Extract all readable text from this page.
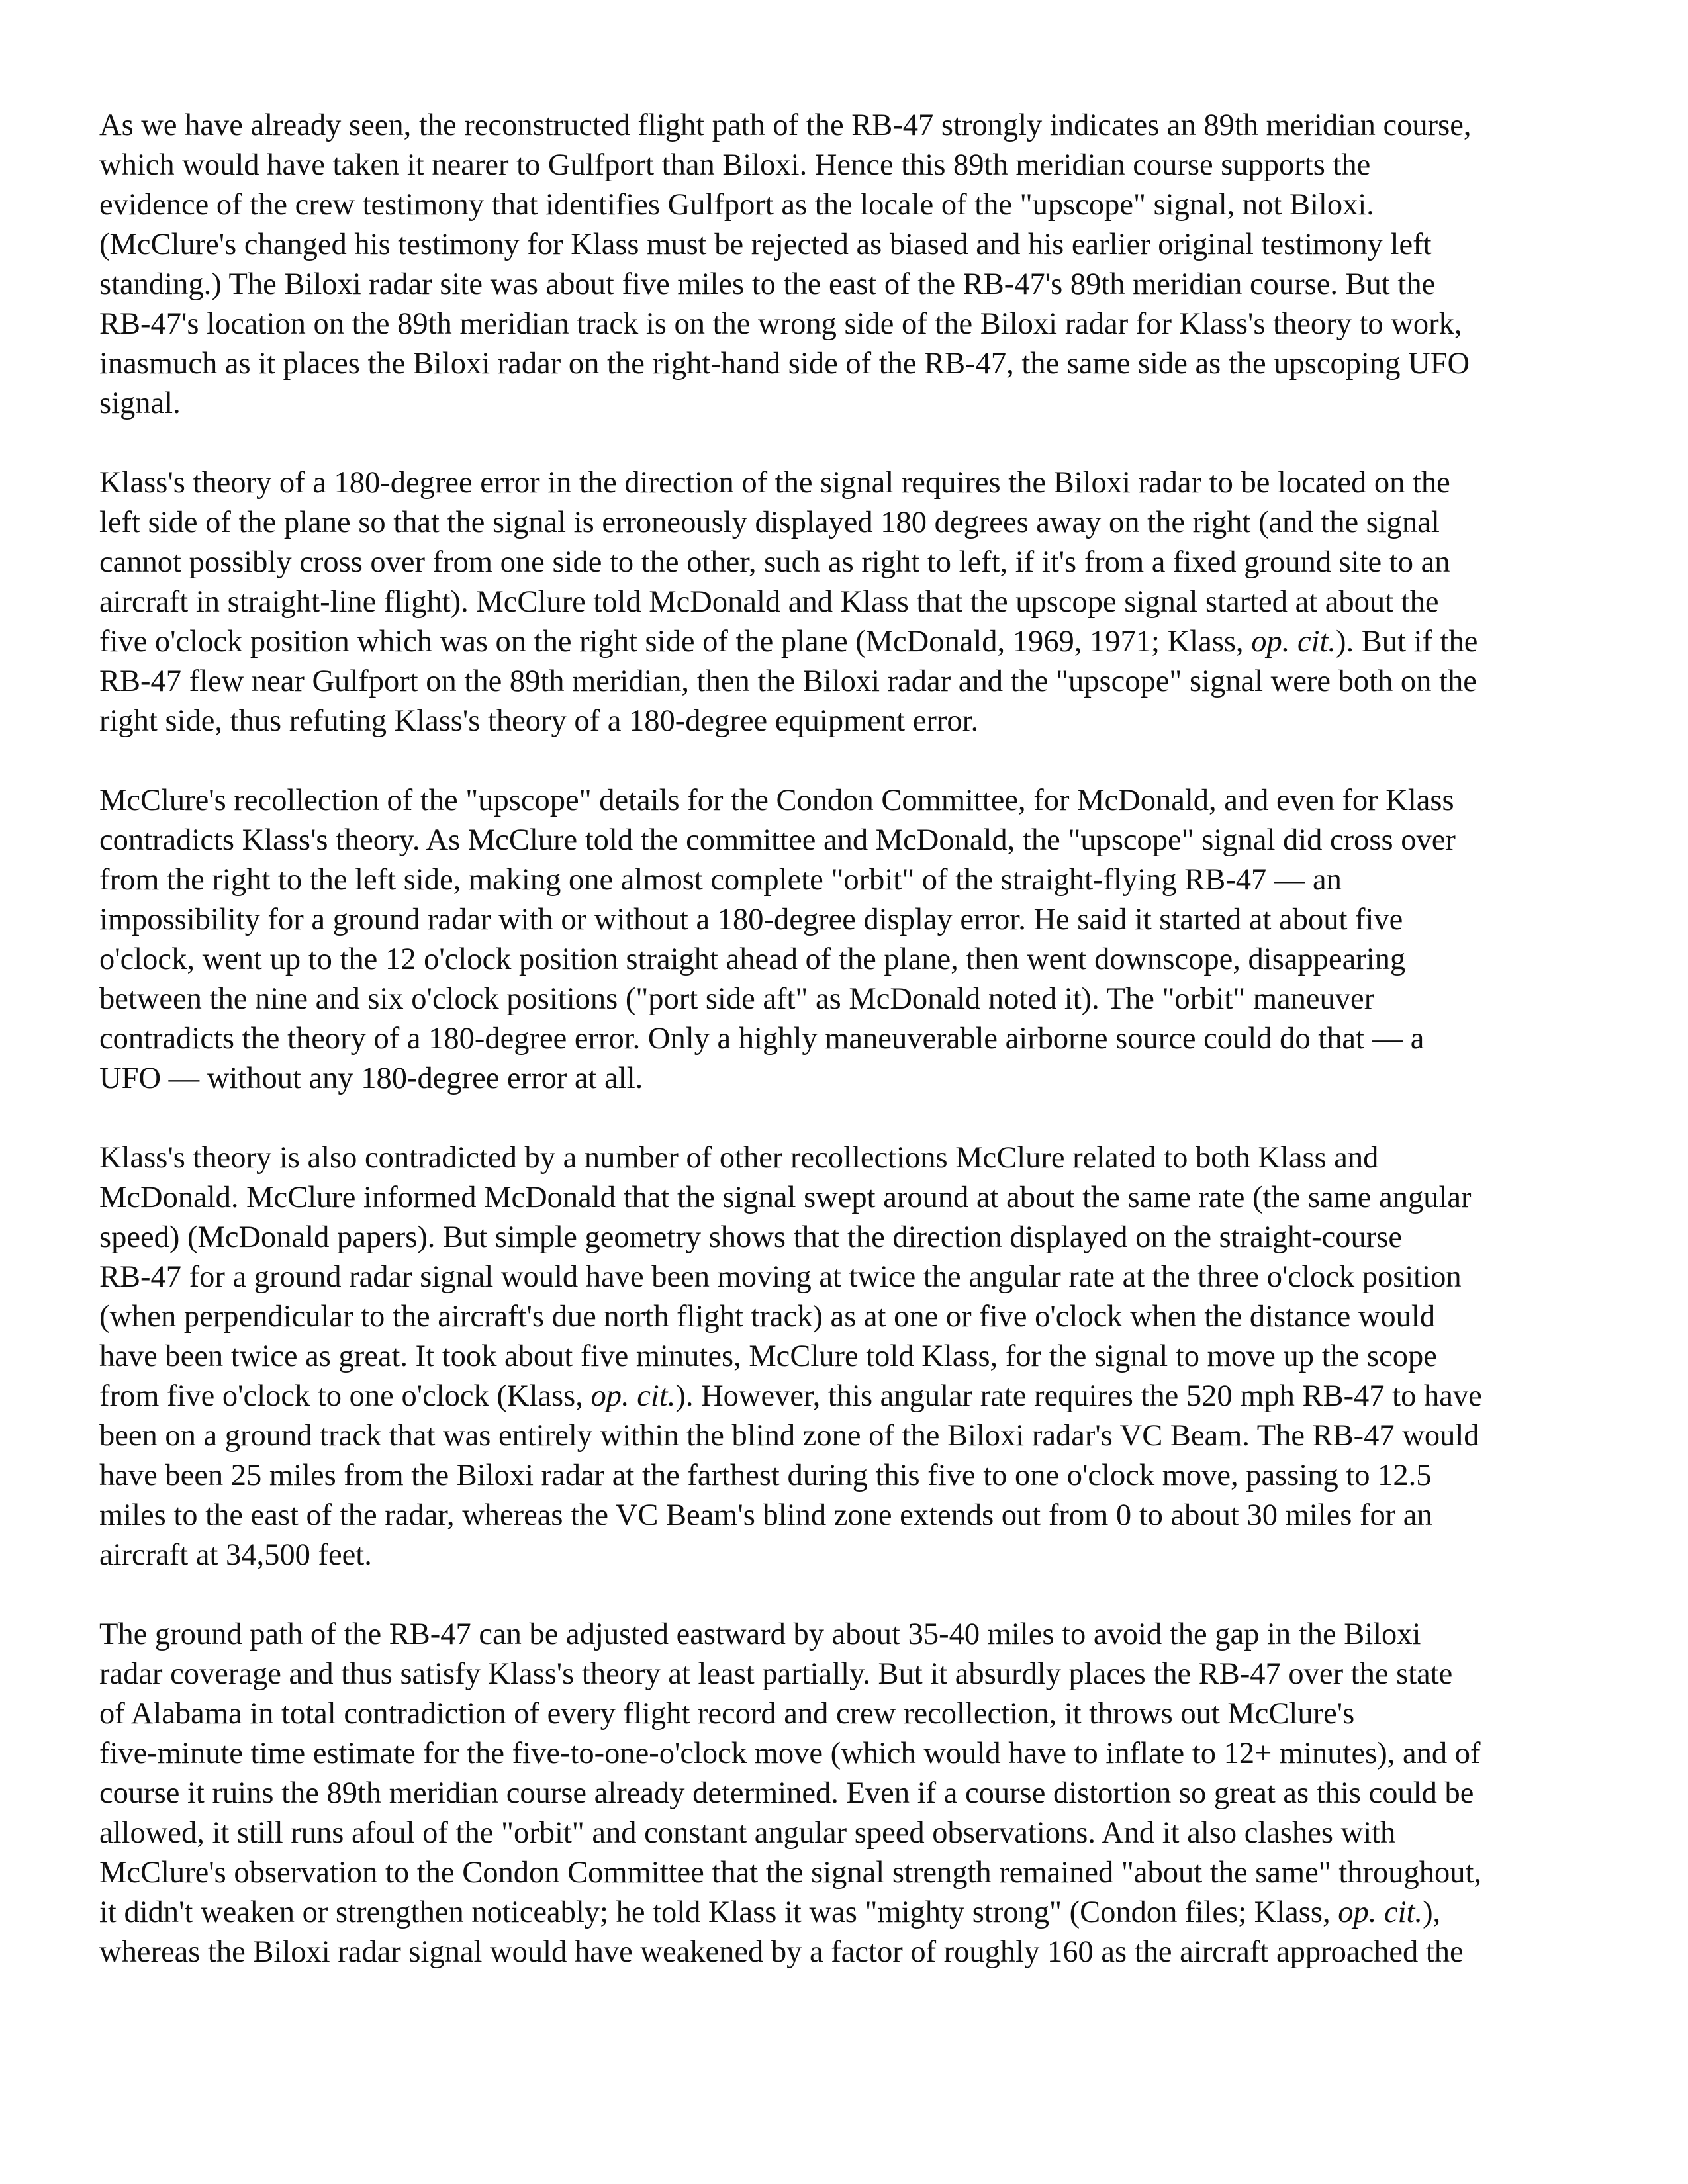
As we have already seen, the reconstructed flight path of the RB-47 strongly indicates an 89th meridian course,
which would have taken it nearer to Gulfport than Biloxi. Hence this 89th meridian course supports the
evidence of the crew testimony that identifies Gulfport as the locale of the "upscope" signal, not Biloxi.
(McClure's changed his testimony for Klass must be rejected as biased and his earlier original testimony left
standing.) The Biloxi radar site was about five miles to the east of the RB-47's 89th meridian course. But the
RB-47's location on the 89th meridian track is on the wrong side of the Biloxi radar for Klass's theory to work,
inasmuch as it places the Biloxi radar on the right-hand side of the RB-47, the same side as the upscoping UFO
signal.

Klass's theory of a 180-degree error in the direction of the signal requires the Biloxi radar to be located on the
left side of the plane so that the signal is erroneously displayed 180 degrees away on the right (and the signal
cannot possibly cross over from one side to the other, such as right to left, if it's from a fixed ground site to an
aircraft in straight-line flight). McClure told McDonald and Klass that the upscope signal started at about the
five o'clock position which was on the right side of the plane (McDonald, 1969, 1971; Klass, op. cit.). But if the
RB-47 flew near Gulfport on the 89th meridian, then the Biloxi radar and the "upscope" signal were both on the
right side, thus refuting Klass's theory of a 180-degree equipment error.

McClure's recollection of the "upscope" details for the Condon Committee, for McDonald, and even for Klass
contradicts Klass's theory. As McClure told the committee and McDonald, the "upscope" signal did cross over
from the right to the left side, making one almost complete "orbit" of the straight-flying RB-47 — an
impossibility for a ground radar with or without a 180-degree display error. He said it started at about five
o'clock, went up to the 12 o'clock position straight ahead of the plane, then went downscope, disappearing
between the nine and six o'clock positions ("port side aft" as McDonald noted it). The "orbit" maneuver
contradicts the theory of a 180-degree error. Only a highly maneuverable airborne source could do that — a
UFO — without any 180-degree error at all.

Klass's theory is also contradicted by a number of other recollections McClure related to both Klass and
McDonald. McClure informed McDonald that the signal swept around at about the same rate (the same angular
speed) (McDonald papers). But simple geometry shows that the direction displayed on the straight-course
RB-47 for a ground radar signal would have been moving at twice the angular rate at the three o'clock position
(when perpendicular to the aircraft's due north flight track) as at one or five o'clock when the distance would
have been twice as great. It took about five minutes, McClure told Klass, for the signal to move up the scope
from five o'clock to one o'clock (Klass, op. cit.). However, this angular rate requires the 520 mph RB-47 to have
been on a ground track that was entirely within the blind zone of the Biloxi radar's VC Beam. The RB-47 would
have been 25 miles from the Biloxi radar at the farthest during this five to one o'clock move, passing to 12.5
miles to the east of the radar, whereas the VC Beam's blind zone extends out from 0 to about 30 miles for an
aircraft at 34,500 feet.

The ground path of the RB-47 can be adjusted eastward by about 35-40 miles to avoid the gap in the Biloxi
radar coverage and thus satisfy Klass's theory at least partially. But it absurdly places the RB-47 over the state
of Alabama in total contradiction of every flight record and crew recollection, it throws out McClure's
five-minute time estimate for the five-to-one-o'clock move (which would have to inflate to 12+ minutes), and of
course it ruins the 89th meridian course already determined. Even if a course distortion so great as this could be
allowed, it still runs afoul of the "orbit" and constant angular speed observations. And it also clashes with
McClure's observation to the Condon Committee that the signal strength remained "about the same" throughout,
it didn't weaken or strengthen noticeably; he told Klass it was "mighty strong" (Condon files; Klass, op. cit.),
whereas the Biloxi radar signal would have weakened by a factor of roughly 160 as the aircraft approached the
